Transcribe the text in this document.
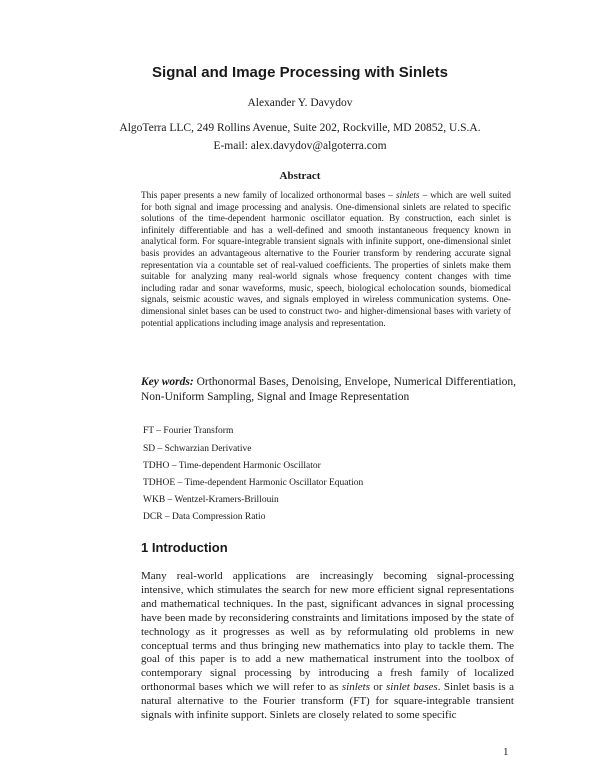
Signal and Image Processing with Sinlets
Alexander Y. Davydov
AlgoTerra LLC, 249 Rollins Avenue, Suite 202, Rockville, MD 20852, U.S.A.
E-mail: alex.davydov@algoterra.com
Abstract

This paper presents a new family of localized orthonormal bases – sinlets – which are well suited for both signal and image processing and analysis. One-dimensional sinlets are related to specific solutions of the time-dependent harmonic oscillator equation. By construction, each sinlet is infinitely differentiable and has a well-defined and smooth instantaneous frequency known in analytical form. For square-integrable transient signals with infinite support, one-dimensional sinlet basis provides an advantageous alternative to the Fourier transform by rendering accurate signal representation via a countable set of real-valued coefficients. The properties of sinlets make them suitable for analyzing many real-world signals whose frequency content changes with time including radar and sonar waveforms, music, speech, biological echolocation sounds, biomedical signals, seismic acoustic waves, and signals employed in wireless communication systems. One-dimensional sinlet bases can be used to construct two- and higher-dimensional bases with variety of potential applications including image analysis and representation.

Key words: Orthonormal Bases, Denoising, Envelope, Numerical Differentiation, Non-Uniform Sampling, Signal and Image Representation

FT – Fourier Transform
SD – Schwarzian Derivative
TDHO – Time-dependent Harmonic Oscillator
TDHOE – Time-dependent Harmonic Oscillator Equation
WKB – Wentzel-Kramers-Brillouin
DCR – Data Compression Ratio
1 Introduction

Many real-world applications are increasingly becoming signal-processing intensive, which stimulates the search for new more efficient signal representations and mathematical techniques. In the past, significant advances in signal processing have been made by reconsidering constraints and limitations imposed by the state of technology as it progresses as well as by reformulating old problems in new conceptual terms and thus bringing new mathematics into play to tackle them. The goal of this paper is to add a new mathematical instrument into the toolbox of contemporary signal processing by introducing a fresh family of localized orthonormal bases which we will refer to as sinlets or sinlet bases. Sinlet basis is a natural alternative to the Fourier transform (FT) for square-integrable transient signals with infinite support. Sinlets are closely related to some specific

1
